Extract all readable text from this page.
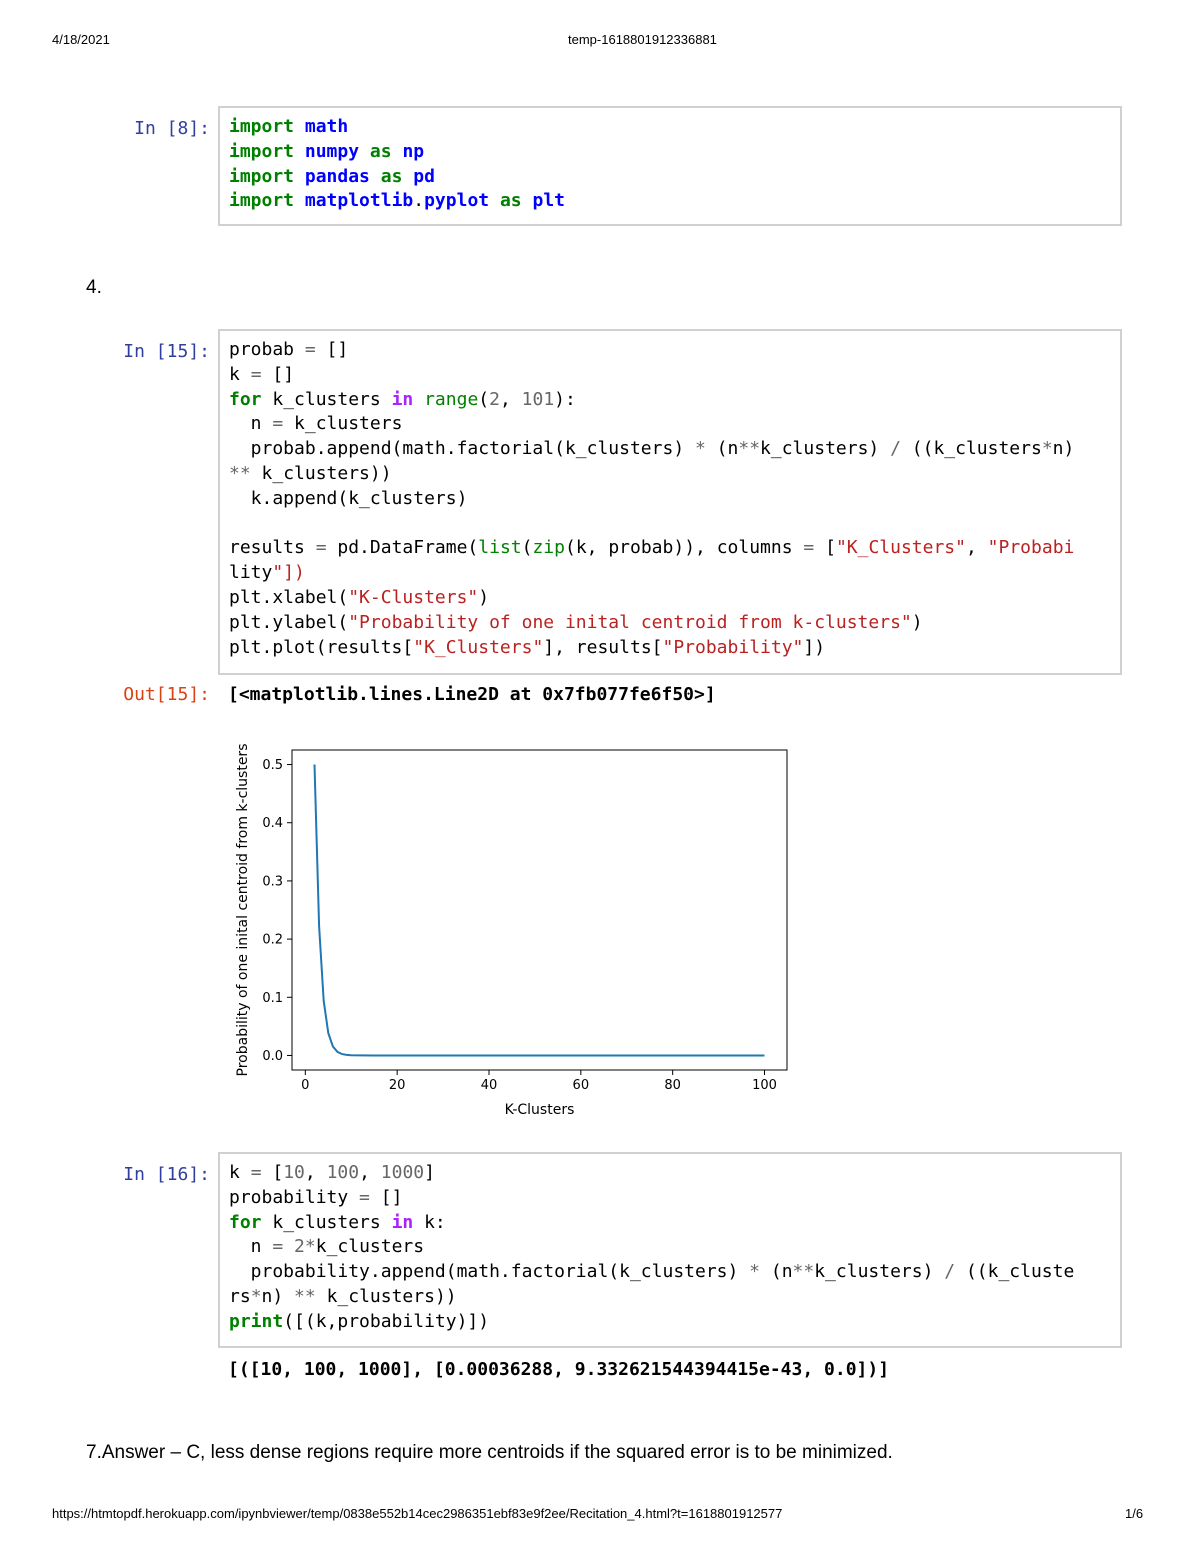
4/18/2021	temp-1618801912336881
In [8]:	import math
import numpy as np
import pandas as pd
import matplotlib.pyplot as plt
4.
In [15]:	probab = []
k = []
for k_clusters in range(2, 101):
n = k_clusters
probab.append(math.factorial(k_clusters) * (n**k_clusters) / ((k_clusters*n)
** k_clusters))
k.append(k_clusters)

results = pd.DataFrame(list(zip(k, probab)), columns = ["K_Clusters", "Probabi
lity"])
plt.xlabel("K-Clusters")
plt.ylabel("Probability of one inital centroid from k-clusters")
plt.plot(results["K_Clusters"], results["Probability"])
Out[15]: [<matplotlib.lines.Line2D at 0x7fb077fe6f50>]
0	20	40	60	80	100
0.0
0.1
0.2
0.3
0.4
0.5
K-Clusters
Probability of one inital centroid from k-clusters
In [16]:	k = [10, 100, 1000]
probability = []
for k_clusters in k:
n = 2*k_clusters
probability.append(math.factorial(k_clusters) * (n**k_clusters) / ((k_cluste
rs*n) ** k_clusters))
print([(k,probability)])
[([10, 100, 1000], [0.00036288, 9.332621544394415e-43, 0.0])]
7.Answer – C, less dense regions require more centroids if the squared error is to be minimized.
https://htmtopdf.herokuapp.com/ipynbviewer/temp/0838e552b14cec2986351ebf83e9f2ee/Recitation_4.html?t=1618801912577	1/6
